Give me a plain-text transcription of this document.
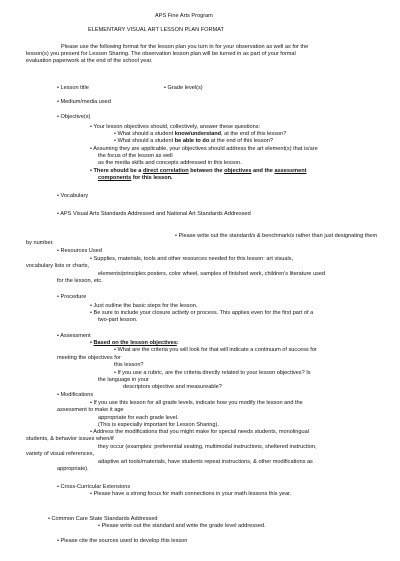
APS Fine Arts Program
ELEMENTARY VISUAL ART LESSON PLAN FORMAT
Please use the following format for the lesson plan you turn in for your observation as well as for the
lesson(s) you present for Lesson Sharing. The observation lesson plan will be turned in as part of your formal
evaluation paperwork at the end of the school year.
• Lesson title	• Grade level(s)
• Medium/media used
• Objective(s)
• Your lesson objectives should, collectively, answer these questions:
• What should a student know/understand, at the end of this lesson?
• What should a student be able to do at the end of this lesson?
• Assuming they are applicable, your objectives should address the art element(s) that is/are
the focus of the lesson as well
as the media skills and concepts addressed in this lesson.
• There should be a direct correlation between the objectives and the assessment
components for this lesson.
• Vocabulary
• APS Visual Arts Standards Addressed and National Art Standards Addressed
• Please write out the standard/s & benchmark/s rather than just designating them
by number.
• Resources Used
• Supplies, materials, tools and other resources needed for this lesson: art visuals,
vocabulary lists or charts,
elements/principles posters, color wheel, samples of finished work, children's literature used
for the lesson, etc.
• Procedure
• Just outline the basic steps for the lesson.
• Be sure to include your closure activity or process. This applies even for the first part of a
two-part lesson.
• Assessment
• Based on the lesson objectives:
• What are the criteria you will look for that will indicate a continuum of success for
meeting the objectives for
this lesson?
• If you use a rubric, are the criteria directly related to your lesson objectives? Is
the language in your
descriptors objective and measureable?
• Modifications
• If you use this lesson for all grade levels, indicate how you modify the lesson and the
assessment to make it age
appropriate for each grade level.
(This is especially important for Lesson Sharing).
• Address the modifications that you might make for special needs students, monolingual
students, & behavior issues when/if
they occur (examples: preferential seating, multimodal instructions, sheltered instruction,
variety of visual references,
adaptive art tools/materials, have students repeat instructions, & other modifications as
appropriate).
• Cross-Curricular Extensions
• Please have a strong focus for math connections in your math lessons this year.
• Common Care State Standards Addressed
• Please write out the standard and write the grade level addressed.
• Please cite the sources used to develop this lesson
